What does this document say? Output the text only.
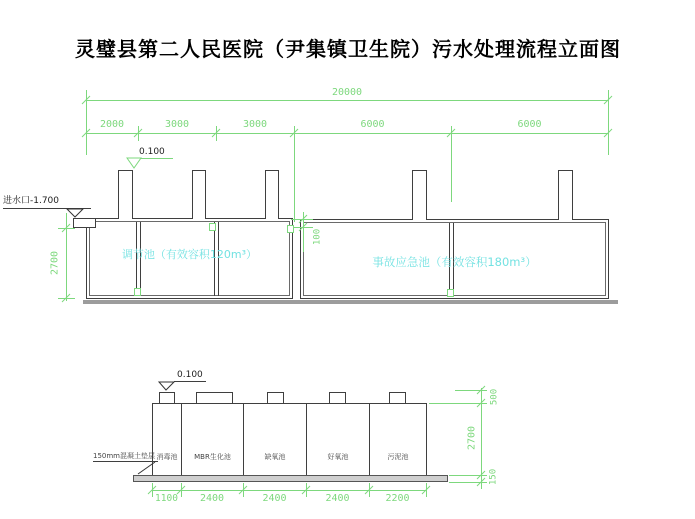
灵璧县第二人民医院（尹集镇卫生院）污水处理流程立面图
20000
2000	3000	3000	6000	6000
0.100
进水口-1.700
2700	调节池（有效容积120m³）
事故应急池（有效容积180m³）
100
0.100
消毒池	MBR生化池	缺氧池	好氧池	污泥池
150mm混凝土垫层
1100	2400	2400	2400	2200
500
2700
150
